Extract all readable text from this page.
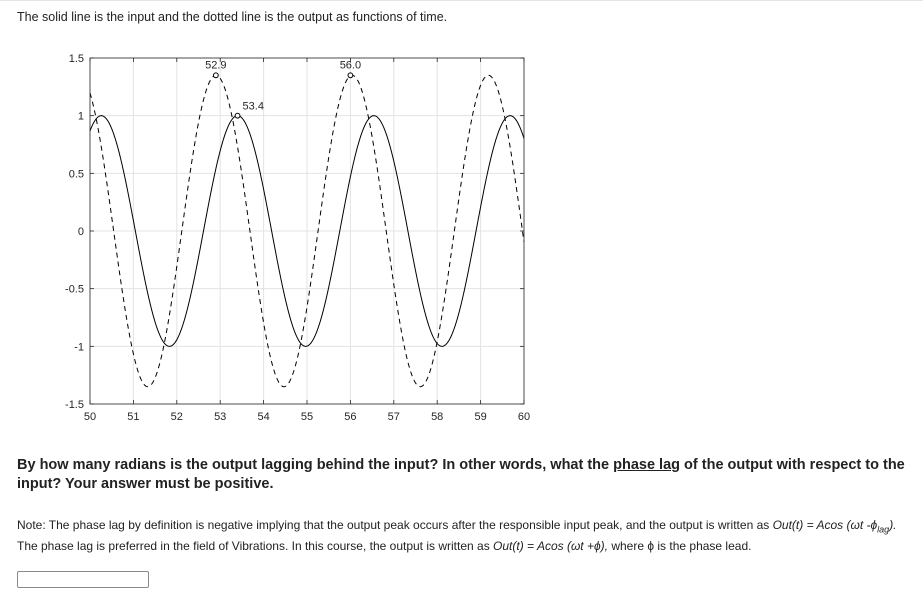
The solid line is the input and the dotted line is the output as functions of time.
50	51	52	53	54	55	56	57	58	59	60
-1.5
-1
-0.5
0
0.5
1
1.5
52.9
53.4
56.0
By how many radians is the output lagging behind the input? In other words, what the phase lag of the output with respect to the input? Your answer must be positive.
Note: The phase lag by definition is negative implying that the output peak occurs after the responsible input peak, and the output is written as Out(t) = Acos (ωt $-\phi_{lag}$). The phase lag is preferred in the field of Vibrations. In this course, the output is written as Out(t) = Acos (ωt +ϕ), where ϕ is the phase lead.
